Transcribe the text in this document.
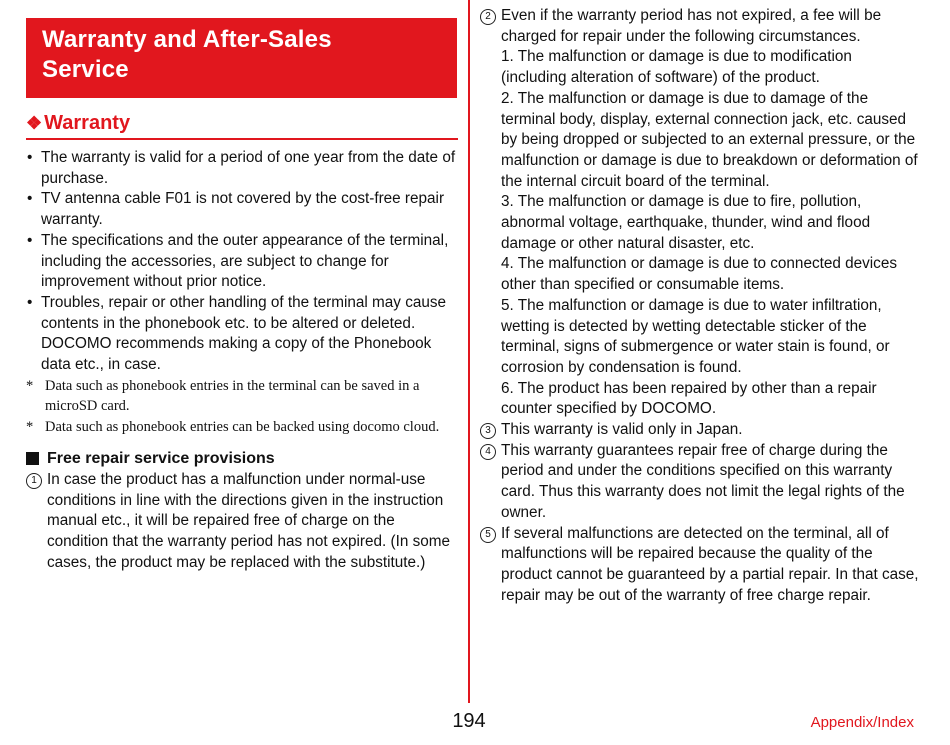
Warranty and After-Sales Service
❖ Warranty
• The warranty is valid for a period of one year from the date of purchase.
• TV antenna cable F01 is not covered by the cost-free repair warranty.
• The specifications and the outer appearance of the terminal, including the accessories, are subject to change for improvement without prior notice.
• Troubles, repair or other handling of the terminal may cause contents in the phonebook etc. to be altered or deleted. DOCOMO recommends making a copy of the Phonebook data etc., in case.
* Data such as phonebook entries in the terminal can be saved in a microSD card.
* Data such as phonebook entries can be backed using docomo cloud.
Free repair service provisions
1 In case the product has a malfunction under normal-use conditions in line with the directions given in the instruction manual etc., it will be repaired free of charge on the condition that the warranty period has not expired. (In some cases, the product may be replaced with the substitute.)
2 Even if the warranty period has not expired, a fee will be charged for repair under the following circumstances.
1. The malfunction or damage is due to modification (including alteration of software) of the product.
2. The malfunction or damage is due to damage of the terminal body, display, external connection jack, etc. caused by being dropped or subjected to an external pressure, or the malfunction or damage is due to breakdown or deformation of the internal circuit board of the terminal.
3. The malfunction or damage is due to fire, pollution, abnormal voltage, earthquake, thunder, wind and flood damage or other natural disaster, etc.
4. The malfunction or damage is due to connected devices other than specified or consumable items.
5. The malfunction or damage is due to water infiltration, wetting is detected by wetting detectable sticker of the terminal, signs of submergence or water stain is found, or corrosion by condensation is found.
6. The product has been repaired by other than a repair counter specified by DOCOMO.
3 This warranty is valid only in Japan.
4 This warranty guarantees repair free of charge during the period and under the conditions specified on this warranty card. Thus this warranty does not limit the legal rights of the owner.
5 If several malfunctions are detected on the terminal, all of malfunctions will be repaired because the quality of the product cannot be guaranteed by a partial repair. In that case, repair may be out of the warranty of free charge repair.
194	Appendix/Index
